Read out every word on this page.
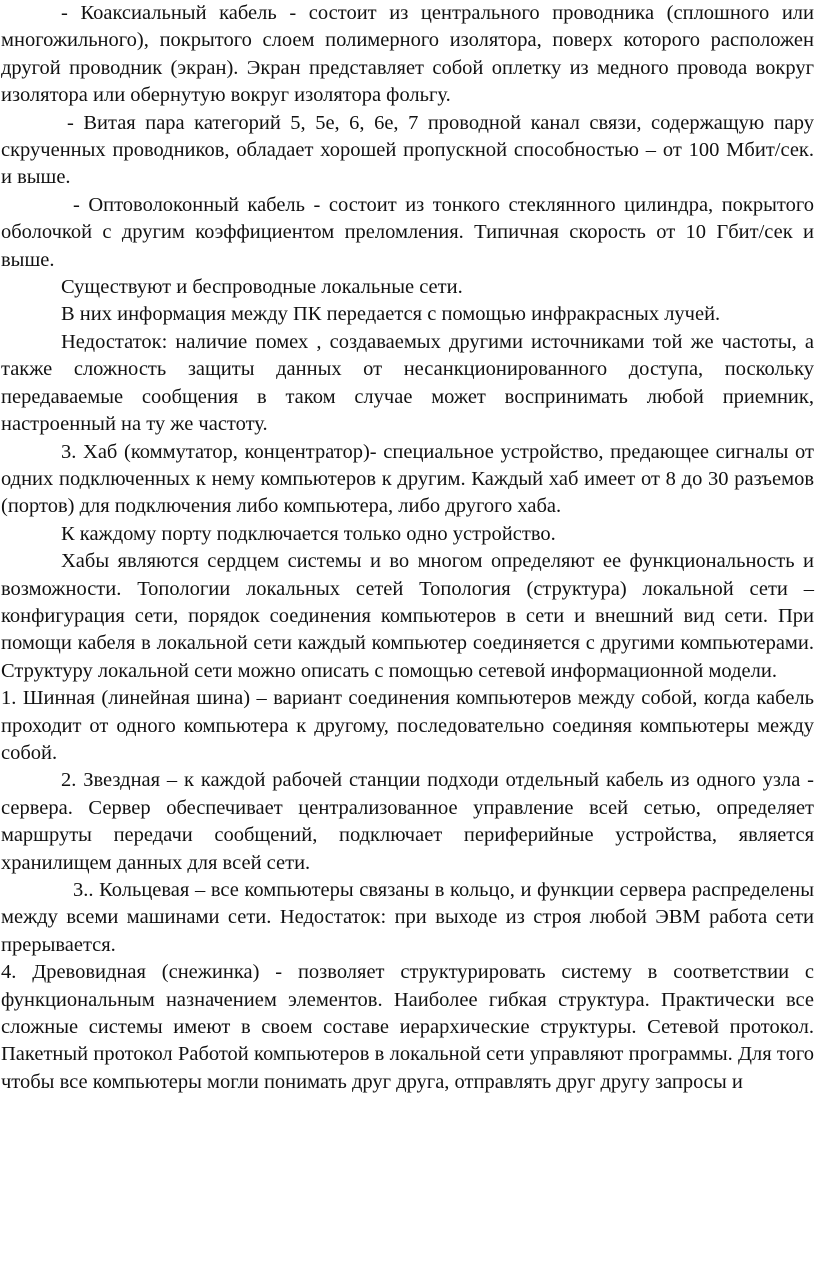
- Коаксиальный кабель - состоит из центрального проводника (сплошного или многожильного), покрытого слоем полимерного изолятора, поверх которого расположен другой проводник (экран). Экран представляет собой оплетку из медного провода вокруг изолятора или обернутую вокруг изолятора фольгу.

- Витая пара категорий 5, 5е, 6, 6е, 7 проводной канал связи, содержащую пару скрученных проводников, обладает хорошей пропускной способностью – от 100 Мбит/сек. и выше.

- Оптоволоконный кабель - состоит из тонкого стеклянного цилиндра, покрытого оболочкой с другим коэффициентом преломления. Типичная скорость от 10 Гбит/сек и выше.

Существуют и беспроводные локальные сети.

В них информация между ПК передается с помощью инфракрасных лучей.

Недостаток: наличие помех , создаваемых другими источниками той же частоты, а также сложность защиты данных от несанкционированного доступа, поскольку передаваемые сообщения в таком случае может воспринимать любой приемник, настроенный на ту же частоту.

3. Хаб (коммутатор, концентратор)- специальное устройство, предающее сигналы от одних подключенных к нему компьютеров к другим. Каждый хаб имеет от 8 до 30 разъемов (портов) для подключения либо компьютера, либо другого хаба.

К каждому порту подключается только одно устройство.

Хабы являются сердцем системы и во многом определяют ее функциональность и возможности. Топологии локальных сетей Топология (структура) локальной сети – конфигурация сети, порядок соединения компьютеров в сети и внешний вид сети. При помощи кабеля в локальной сети каждый компьютер соединяется с другими компьютерами. Структуру локальной сети можно описать с помощью сетевой информационной модели.

1. Шинная (линейная шина) – вариант соединения компьютеров между собой, когда кабель проходит от одного компьютера к другому, последовательно соединяя компьютеры между собой.

2. Звездная – к каждой рабочей станции подходи отдельный кабель из одного узла - сервера. Сервер обеспечивает централизованное управление всей сетью, определяет маршруты передачи сообщений, подключает периферийные устройства, является хранилищем данных для всей сети.

3.. Кольцевая – все компьютеры связаны в кольцо, и функции сервера распределены между всеми машинами сети. Недостаток: при выходе из строя любой ЭВМ работа сети прерывается.

4. Древовидная (снежинка) - позволяет структурировать систему в соответствии с функциональным назначением элементов. Наиболее гибкая структура. Практически все сложные системы имеют в своем составе иерархические структуры. Сетевой протокол. Пакетный протокол Работой компьютеров в локальной сети управляют программы. Для того чтобы все компьютеры могли понимать друг друга, отправлять друг другу запросы и
